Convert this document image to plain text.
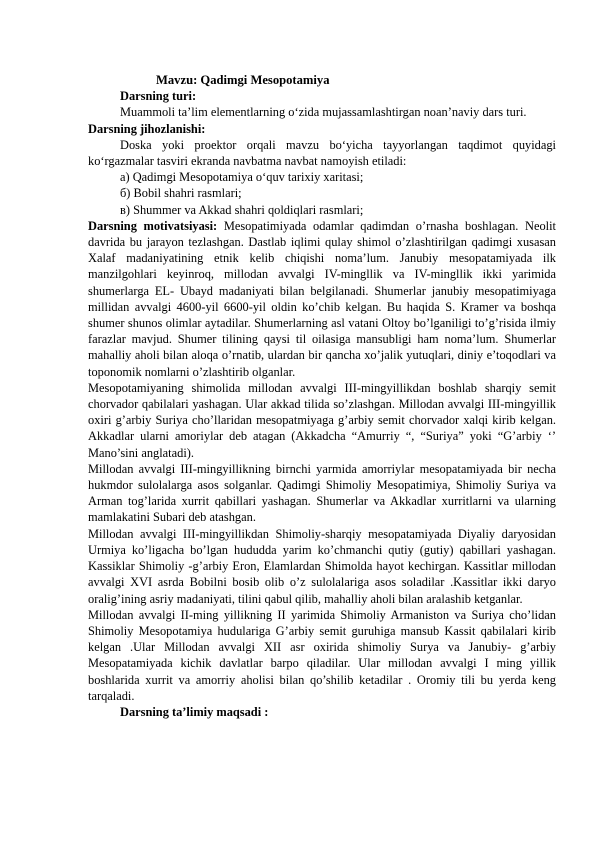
Mavzu: Qadimgi Mesopotamiya
Darsning turi:
Muammoli ta’lim elementlarning o‘zida mujassamlashtirgan noan’naviy dars turi.
Darsning jihozlanishi:
Doska yoki proektor orqali mavzu bo‘yicha tayyorlangan taqdimot quyidagi ko‘rgazmalar tasviri ekranda navbatma navbat namoyish etiladi:
a) Qadimgi Mesopotamiya o‘quv tarixiy xaritasi;
б) Bobil shahri rasmlari;
в) Shummer va Akkad shahri qoldiqlari rasmlari;
Darsning motivatsiyasi: Mesopatimiyada odamlar qadimdan o’rnasha boshlagan. Neolit davrida bu jarayon tezlashgan. Dastlab iqlimi qulay shimol o’zlashtirilgan qadimgi xusasan Xalaf madaniyatining etnik kelib chiqishi noma’lum. Janubiy mesopatamiyada ilk manzilgohlari keyinroq, millodan avvalgi IV-mingllik va IV-mingllik ikki yarimida shumerlarga EL- Ubayd madaniyati bilan belgilanadi. Shumerlar janubiy mesopatimiyaga millidan avvalgi 4600-yil 6600-yil oldin ko’chib kelgan. Bu haqida S. Kramer va boshqa shumer shunos olimlar aytadilar. Shumerlarning asl vatani Oltoy bo’lganiligi to’g’risida ilmiy farazlar mavjud. Shumer tilining qaysi til oilasiga mansubligi ham noma’lum. Shumerlar mahalliy aholi bilan aloqa o’rnatib, ulardan bir qancha xo’jalik yutuqlari, diniy e’toqodlari va toponomik nomlarni o’zlashtirib olganlar.
Mesopotamiyaning shimolida millodan avvalgi III-mingyillikdan boshlab sharqiy semit chorvador qabilalari yashagan. Ular akkad tilida so’zlashgan. Millodan avvalgi III-mingyillik oxiri g’arbiy Suriya cho’llaridan mesopatmiyaga g’arbiy semit chorvador xalqi kirib kelgan. Akkadlar ularni amoriylar deb atagan (Akkadcha “Amurriy “, “Suriya” yoki “G’arbiy ‘’ Mano’sini anglatadi).
Millodan avvalgi III-mingyillikning birnchi yarmida amorriylar mesopatamiyada bir necha hukmdor sulolalarga asos solganlar. Qadimgi Shimoliy Mesopatimiya, Shimoliy Suriya va Arman tog’larida xurrit qabillari yashagan. Shumerlar va Akkadlar xurritlarni va ularning mamlakatini Subari deb atashgan.
Millodan avvalgi III-mingyillikdan Shimoliy-sharqiy mesopatamiyada Diyaliy daryosidan Urmiya ko’ligacha bo’lgan hududda yarim ko’chmanchi qutiy (gutiy) qabillari yashagan. Kassiklar Shimoliy -g’arbiy Eron, Elamlardan Shimolda hayot kechirgan. Kassitlar millodan avvalgi XVI asrda Bobilni bosib olib o’z sulolalariga asos soladilar .Kassitlar ikki daryo oralig’ining asriy madaniyati, tilini qabul qilib, mahalliy aholi bilan aralashib ketganlar.
Millodan avvalgi II-ming yillikning II yarimida Shimoliy Armaniston va Suriya cho’lidan Shimoliy Mesopotamiya hudulariga G’arbiy semit guruhiga mansub Kassit qabilalari kirib kelgan .Ular Millodan avvalgi XII asr oxirida shimoliy Surya va Janubiy- g’arbiy Mesopatamiyada kichik davlatlar barpo qiladilar. Ular millodan avvalgi I ming yillik boshlarida xurrit va amorriy aholisi bilan qo’shilib ketadilar . Oromiy tili bu yerda keng tarqaladi.
Darsning ta’limiy maqsadi :
